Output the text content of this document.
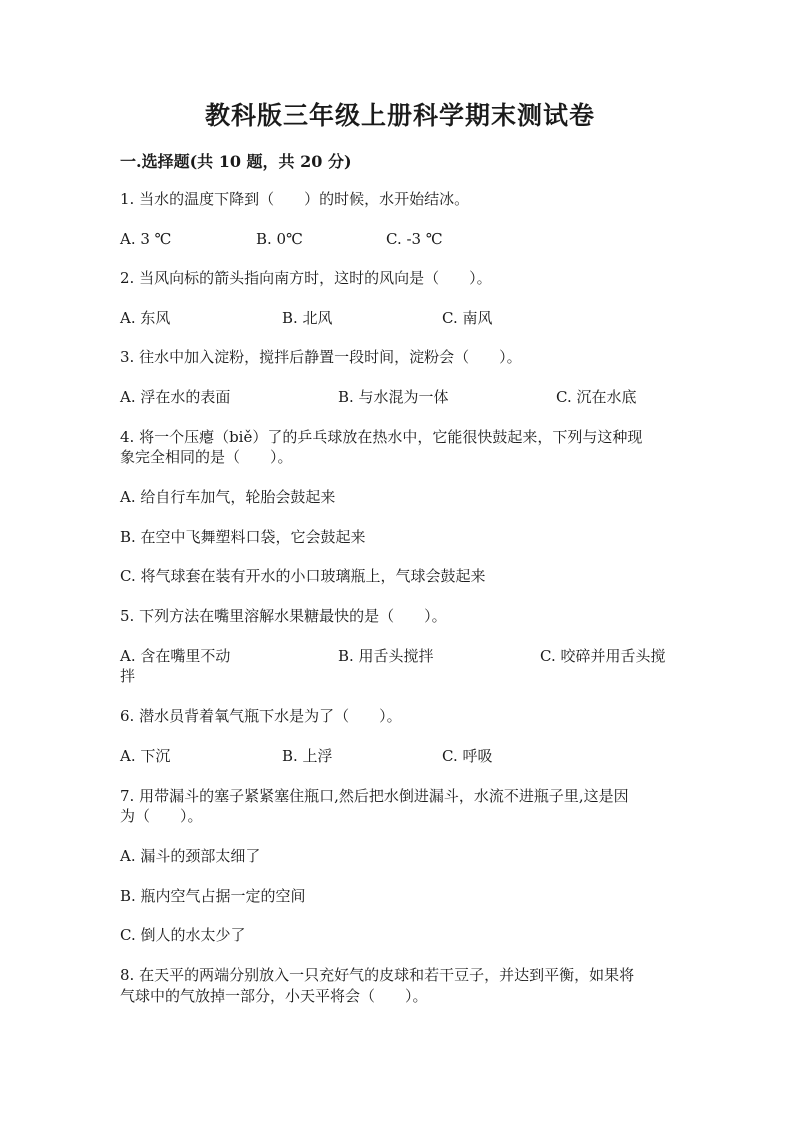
教科版三年级上册科学期末测试卷
一.选择题(共 10 题，共 20 分)

1. 当水的温度下降到（　　）的时候，水开始结冰。

A. 3 ℃	B. 0℃	C. -3 ℃

2. 当风向标的箭头指向南方时，这时的风向是（　　）。

A. 东风	B. 北风	C. 南风

3. 往水中加入淀粉，搅拌后静置一段时间，淀粉会（　　）。

A. 浮在水的表面	B. 与水混为一体	C. 沉在水底

4. 将一个压瘪（biě）了的乒乓球放在热水中，它能很快鼓起来，下列与这种现

象完全相同的是（　　）。

A. 给自行车加气，轮胎会鼓起来

B. 在空中飞舞塑料口袋，它会鼓起来

C. 将气球套在装有开水的小口玻璃瓶上，气球会鼓起来

5. 下列方法在嘴里溶解水果糖最快的是（　　）。

A. 含在嘴里不动	B. 用舌头搅拌	C. 咬碎并用舌头搅
拌

6. 潜水员背着氧气瓶下水是为了（　　）。

A. 下沉	B. 上浮	C. 呼吸

7. 用带漏斗的塞子紧紧塞住瓶口,然后把水倒进漏斗，水流不进瓶子里,这是因

为（　　）。

A. 漏斗的颈部太细了

B. 瓶内空气占据一定的空间

C. 倒人的水太少了

8. 在天平的两端分别放入一只充好气的皮球和若干豆子，并达到平衡，如果将

气球中的气放掉一部分，小天平将会（　　）。
